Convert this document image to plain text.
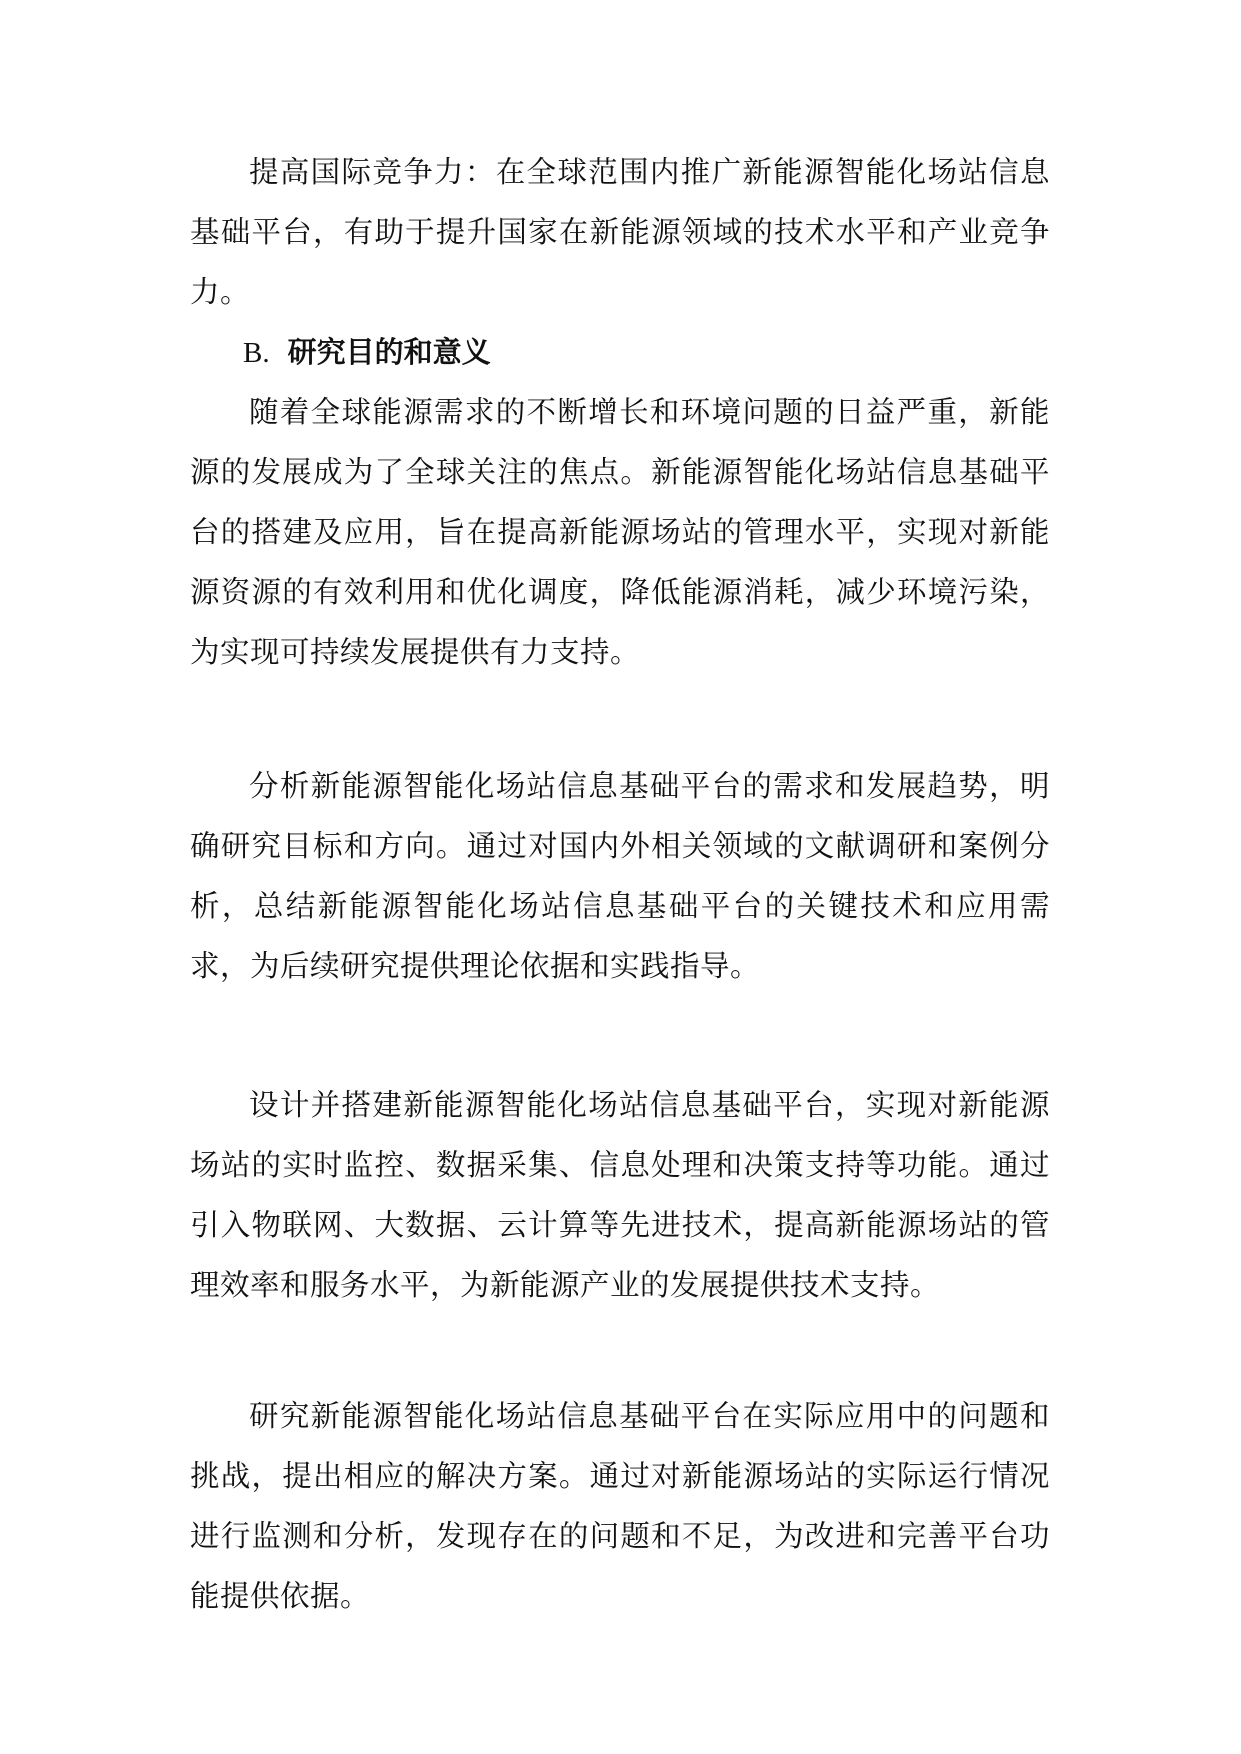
提高国际竞争力：在全球范围内推广新能源智能化场站信息基础平台，有助于提升国家在新能源领域的技术水平和产业竞争力。

B. 研究目的和意义

随着全球能源需求的不断增长和环境问题的日益严重，新能源的发展成为了全球关注的焦点。新能源智能化场站信息基础平台的搭建及应用，旨在提高新能源场站的管理水平，实现对新能源资源的有效利用和优化调度，降低能源消耗，减少环境污染，为实现可持续发展提供有力支持。

分析新能源智能化场站信息基础平台的需求和发展趋势，明确研究目标和方向。通过对国内外相关领域的文献调研和案例分析，总结新能源智能化场站信息基础平台的关键技术和应用需求，为后续研究提供理论依据和实践指导。

设计并搭建新能源智能化场站信息基础平台，实现对新能源场站的实时监控、数据采集、信息处理和决策支持等功能。通过引入物联网、大数据、云计算等先进技术，提高新能源场站的管理效率和服务水平，为新能源产业的发展提供技术支持。

研究新能源智能化场站信息基础平台在实际应用中的问题和挑战，提出相应的解决方案。通过对新能源场站的实际运行情况进行监测和分析，发现存在的问题和不足，为改进和完善平台功能提供依据。
